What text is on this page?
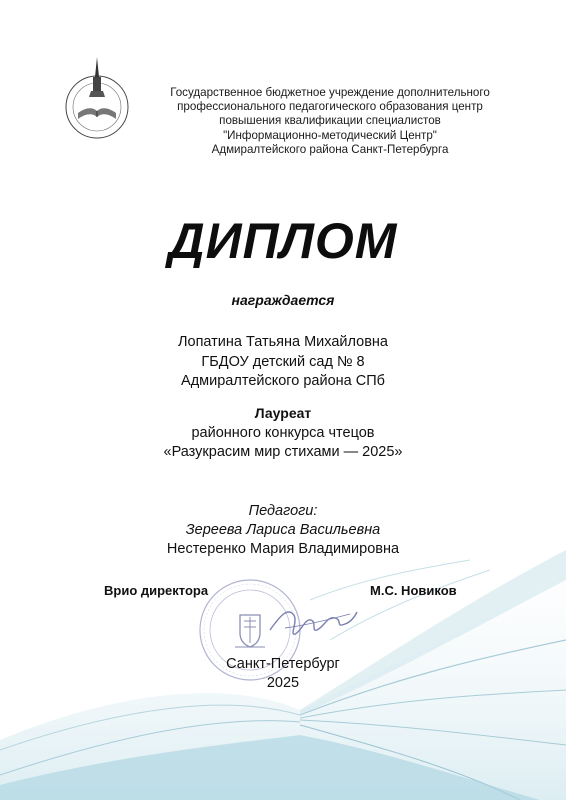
Государственное бюджетное учреждение дополнительного
профессионального педагогического образования центр
повышения квалификации специалистов
"Информационно-методический Центр"
Адмиралтейского района Санкт-Петербурга
ДИПЛОМ
награждается
Лопатина Татьяна Михайловна
ГБДОУ детский сад № 8
Адмиралтейского района СПб
Лауреат
районного конкурса чтецов
«Разукрасим мир стихами — 2025»
Педагоги:
Зереева Лариса Васильевна
Нестеренко Мария Владимировна
Врио директора	М.С. Новиков
Санкт-Петербург
2025
